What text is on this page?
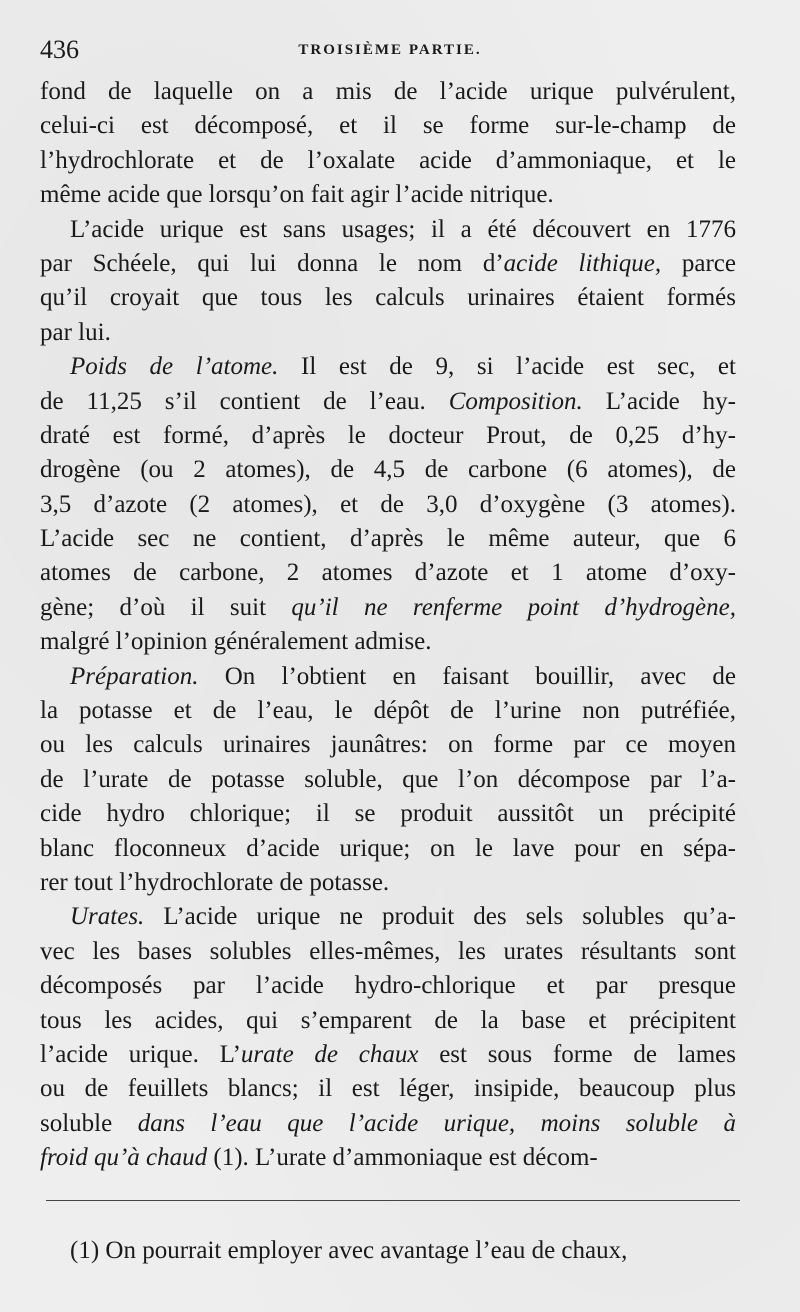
436	TROISIÈME PARTIE.
fond de laquelle on a mis de l’acide urique pulvérulent,
celui-ci est décomposé, et il se forme sur-le-champ de
l’hydrochlorate et de l’oxalate acide d’ammoniaque, et le
même acide que lorsqu’on fait agir l’acide nitrique.
L’acide urique est sans usages; il a été découvert en 1776
par Schéele, qui lui donna le nom d’acide lithique, parce
qu’il croyait que tous les calculs urinaires étaient formés
par lui.
Poids de l’atome. Il est de 9, si l’acide est sec, et
de 11,25 s’il contient de l’eau. Composition. L’acide hy-
draté est formé, d’après le docteur Prout, de 0,25 d’hy-
drogène (ou 2 atomes), de 4,5 de carbone (6 atomes), de
3,5 d’azote (2 atomes), et de 3,0 d’oxygène (3 atomes).
L’acide sec ne contient, d’après le même auteur, que 6
atomes de carbone, 2 atomes d’azote et 1 atome d’oxy-
gène; d’où il suit qu’il ne renferme point d’hydrogène,
malgré l’opinion généralement admise.
Préparation. On l’obtient en faisant bouillir, avec de
la potasse et de l’eau, le dépôt de l’urine non putréfiée,
ou les calculs urinaires jaunâtres: on forme par ce moyen
de l’urate de potasse soluble, que l’on décompose par l’a-
cide hydro chlorique; il se produit aussitôt un précipité
blanc floconneux d’acide urique; on le lave pour en sépa-
rer tout l’hydrochlorate de potasse.
Urates. L’acide urique ne produit des sels solubles qu’a-
vec les bases solubles elles-mêmes, les urates résultants sont
décomposés par l’acide hydro-chlorique et par presque
tous les acides, qui s’emparent de la base et précipitent
l’acide urique. L’urate de chaux est sous forme de lames
ou de feuillets blancs; il est léger, insipide, beaucoup plus
soluble dans l’eau que l’acide urique, moins soluble à
froid qu’à chaud (1). L’urate d’ammoniaque est décom-
(1) On pourrait employer avec avantage l’eau de chaux,
